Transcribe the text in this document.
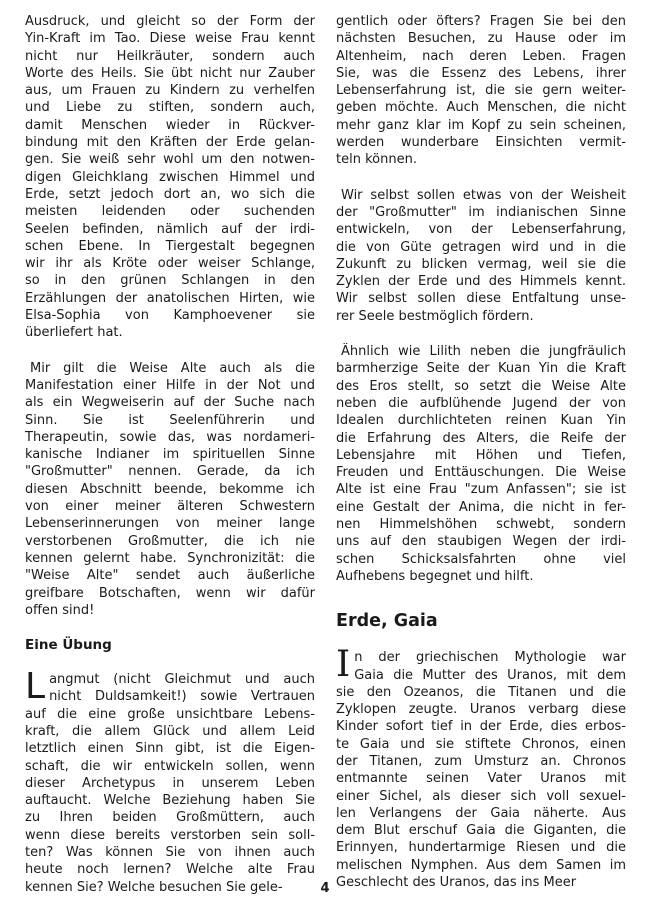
Ausdruck, und gleicht so der Form der
Yin-Kraft im Tao. Diese weise Frau kennt
nicht nur Heilkräuter, sondern auch
Worte des Heils. Sie übt nicht nur Zauber
aus, um Frauen zu Kindern zu verhelfen
und Liebe zu stiften, sondern auch,
damit Menschen wieder in Rückver-
bindung mit den Kräften der Erde gelan-
gen. Sie weiß sehr wohl um den notwen-
digen Gleichklang zwischen Himmel und
Erde, setzt jedoch dort an, wo sich die
meisten leidenden oder suchenden
Seelen befinden, nämlich auf der irdi-
schen Ebene. In Tiergestalt begegnen
wir ihr als Kröte oder weiser Schlange,
so in den grünen Schlangen in den
Erzählungen der anatolischen Hirten, wie
Elsa-Sophia von Kamphoevener sie
überliefert hat.
Mir gilt die Weise Alte auch als die
Manifestation einer Hilfe in der Not und
als ein Wegweiserin auf der Suche nach
Sinn. Sie ist Seelenführerin und
Therapeutin, sowie das, was nordameri-
kanische Indianer im spirituellen Sinne
"Großmutter" nennen. Gerade, da ich
diesen Abschnitt beende, bekomme ich
von einer meiner älteren Schwestern
Lebenserinnerungen von meiner lange
verstorbenen Großmutter, die ich nie
kennen gelernt habe. Synchronizität: die
"Weise Alte" sendet auch äußerliche
greifbare Botschaften, wenn wir dafür
offen sind!
Eine Übung
L angmut (nicht Gleichmut und auch
nicht Duldsamkeit!) sowie Vertrauen
auf die eine große unsichtbare Lebens-
kraft, die allem Glück und allem Leid
letztlich einen Sinn gibt, ist die Eigen-
schaft, die wir entwickeln sollen, wenn
dieser Archetypus in unserem Leben
auftaucht. Welche Beziehung haben Sie
zu Ihren beiden Großmüttern, auch
wenn diese bereits verstorben sein soll-
ten? Was können Sie von ihnen auch
heute noch lernen? Welche alte Frau
kennen Sie? Welche besuchen Sie gele-
gentlich oder öfters? Fragen Sie bei den
nächsten Besuchen, zu Hause oder im
Altenheim, nach deren Leben. Fragen
Sie, was die Essenz des Lebens, ihrer
Lebenserfahrung ist, die sie gern weiter-
geben möchte. Auch Menschen, die nicht
mehr ganz klar im Kopf zu sein scheinen,
werden wunderbare Einsichten vermit-
teln können.
Wir selbst sollen etwas von der Weisheit
der "Großmutter" im indianischen Sinne
entwickeln, von der Lebenserfahrung,
die von Güte getragen wird und in die
Zukunft zu blicken vermag, weil sie die
Zyklen der Erde und des Himmels kennt.
Wir selbst sollen diese Entfaltung unse-
rer Seele bestmöglich fördern.
Ähnlich wie Lilith neben die jungfräulich
barmherzige Seite der Kuan Yin die Kraft
des Eros stellt, so setzt die Weise Alte
neben die aufblühende Jugend der von
Idealen durchlichteten reinen Kuan Yin
die Erfahrung des Alters, die Reife der
Lebensjahre mit Höhen und Tiefen,
Freuden und Enttäuschungen. Die Weise
Alte ist eine Frau "zum Anfassen"; sie ist
eine Gestalt der Anima, die nicht in fer-
nen Himmelshöhen schwebt, sondern
uns auf den staubigen Wegen der irdi-
schen Schicksalsfahrten ohne viel
Aufhebens begegnet und hilft.
Erde, Gaia
I n der griechischen Mythologie war
Gaia die Mutter des Uranos, mit dem
sie den Ozeanos, die Titanen und die
Zyklopen zeugte. Uranos verbarg diese
Kinder sofort tief in der Erde, dies erbos-
te Gaia und sie stiftete Chronos, einen
der Titanen, zum Umsturz an. Chronos
entmannte seinen Vater Uranos mit
einer Sichel, als dieser sich voll sexuel-
len Verlangens der Gaia näherte. Aus
dem Blut erschuf Gaia die Giganten, die
Erinnyen, hundertarmige Riesen und die
melischen Nymphen. Aus dem Samen im
Geschlecht des Uranos, das ins Meer
4
